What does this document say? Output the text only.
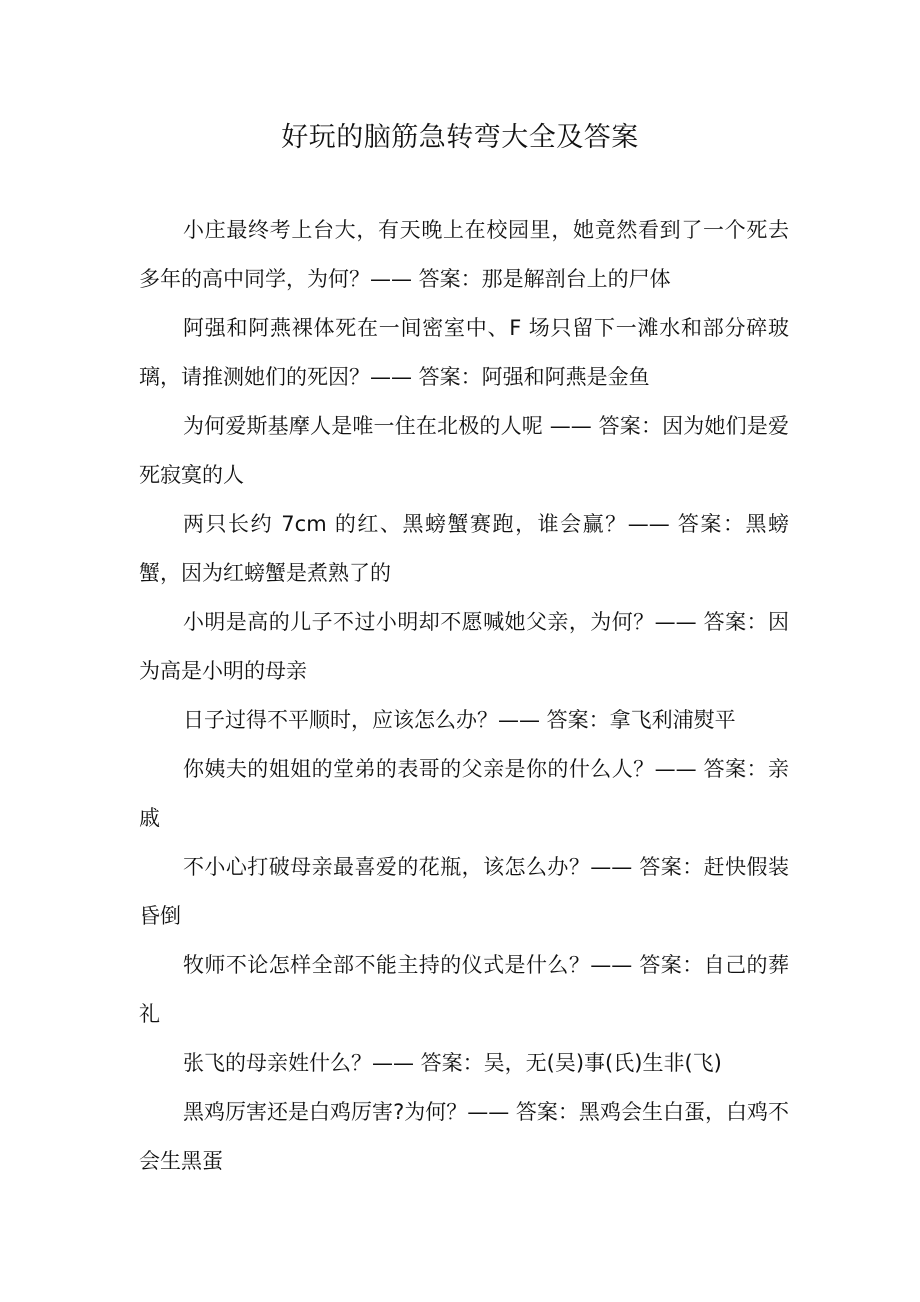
好玩的脑筋急转弯大全及答案

小庄最终考上台大，有天晚上在校园里，她竟然看到了一个死去多年的高中同学，为何？—— 答案：那是解剖台上的尸体

阿强和阿燕裸体死在一间密室中、F 场只留下一滩水和部分碎玻璃，请推测她们的死因？—— 答案：阿强和阿燕是金鱼

为何爱斯基摩人是唯一住在北极的人呢 —— 答案：因为她们是爱死寂寞的人

两只长约 7cm 的红、黑螃蟹赛跑，谁会赢？—— 答案：黑螃蟹，因为红螃蟹是煮熟了的

小明是高的儿子不过小明却不愿喊她父亲，为何？—— 答案：因为高是小明的母亲

日子过得不平顺时，应该怎么办？—— 答案：拿飞利浦熨平

你姨夫的姐姐的堂弟的表哥的父亲是你的什么人？—— 答案：亲戚

不小心打破母亲最喜爱的花瓶，该怎么办？—— 答案：赶快假装昏倒

牧师不论怎样全部不能主持的仪式是什么？—— 答案：自己的葬礼

张飞的母亲姓什么？—— 答案：吴，无(吴)事(氏)生非(飞)

黑鸡厉害还是白鸡厉害?为何？—— 答案：黑鸡会生白蛋，白鸡不会生黑蛋
